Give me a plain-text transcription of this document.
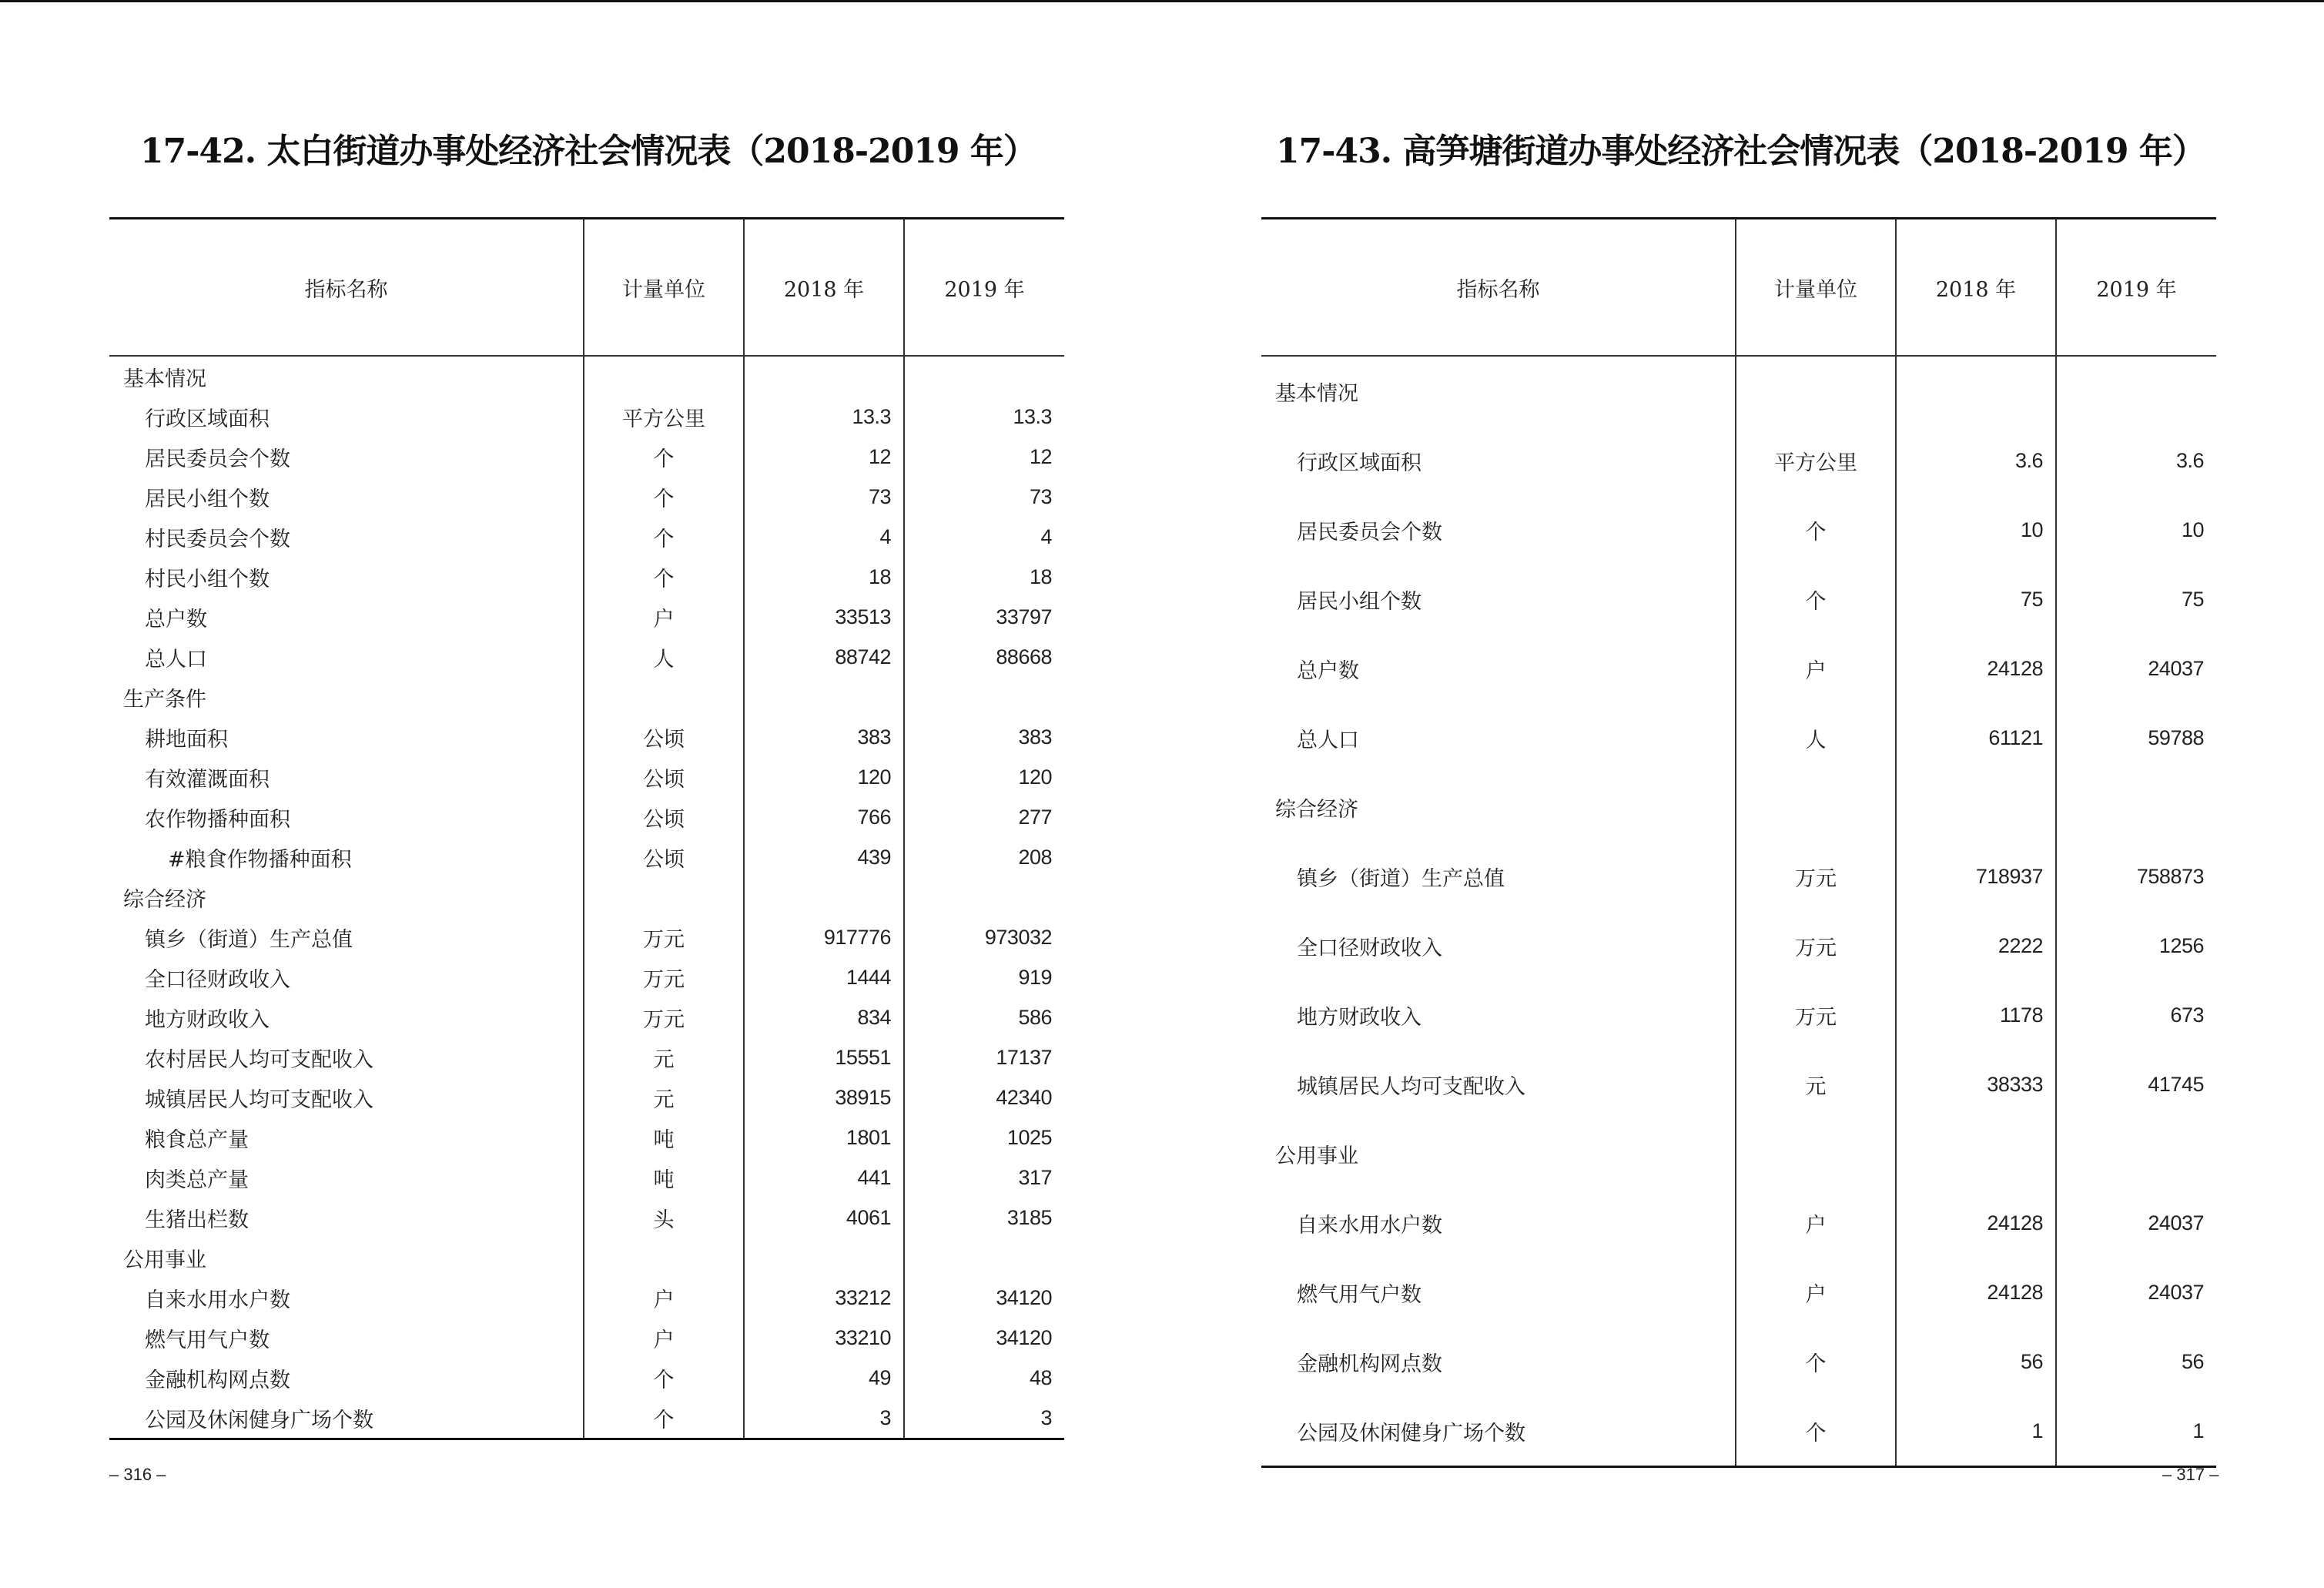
17-42. 太白街道办事处经济社会情况表（2018-2019 年）
指标名称	计量单位	2018 年	2019 年
基本情况			
行政区域面积	平方公里	13.3	13.3
居民委员会个数	个	12	12
居民小组个数	个	73	73
村民委员会个数	个	4	4
村民小组个数	个	18	18
总户数	户	33513	33797
总人口	人	88742	88668
生产条件			
耕地面积	公顷	383	383
有效灌溉面积	公顷	120	120
农作物播种面积	公顷	766	277
#粮食作物播种面积	公顷	439	208
综合经济			
镇乡（街道）生产总值	万元	917776	973032
全口径财政收入	万元	1444	919
地方财政收入	万元	834	586
农村居民人均可支配收入	元	15551	17137
城镇居民人均可支配收入	元	38915	42340
粮食总产量	吨	1801	1025
肉类总产量	吨	441	317
生猪出栏数	头	4061	3185
公用事业			
自来水用水户数	户	33212	34120
燃气用气户数	户	33210	34120
金融机构网点数	个	49	48
公园及休闲健身广场个数	个	3	3
– 316 –
17-43. 高笋塘街道办事处经济社会情况表（2018-2019 年）
指标名称	计量单位	2018 年	2019 年
基本情况			
行政区域面积	平方公里	3.6	3.6
居民委员会个数	个	10	10
居民小组个数	个	75	75
总户数	户	24128	24037
总人口	人	61121	59788
综合经济			
镇乡（街道）生产总值	万元	718937	758873
全口径财政收入	万元	2222	1256
地方财政收入	万元	1178	673
城镇居民人均可支配收入	元	38333	41745
公用事业			
自来水用水户数	户	24128	24037
燃气用气户数	户	24128	24037
金融机构网点数	个	56	56
公园及休闲健身广场个数	个	1	1
– 317 –
